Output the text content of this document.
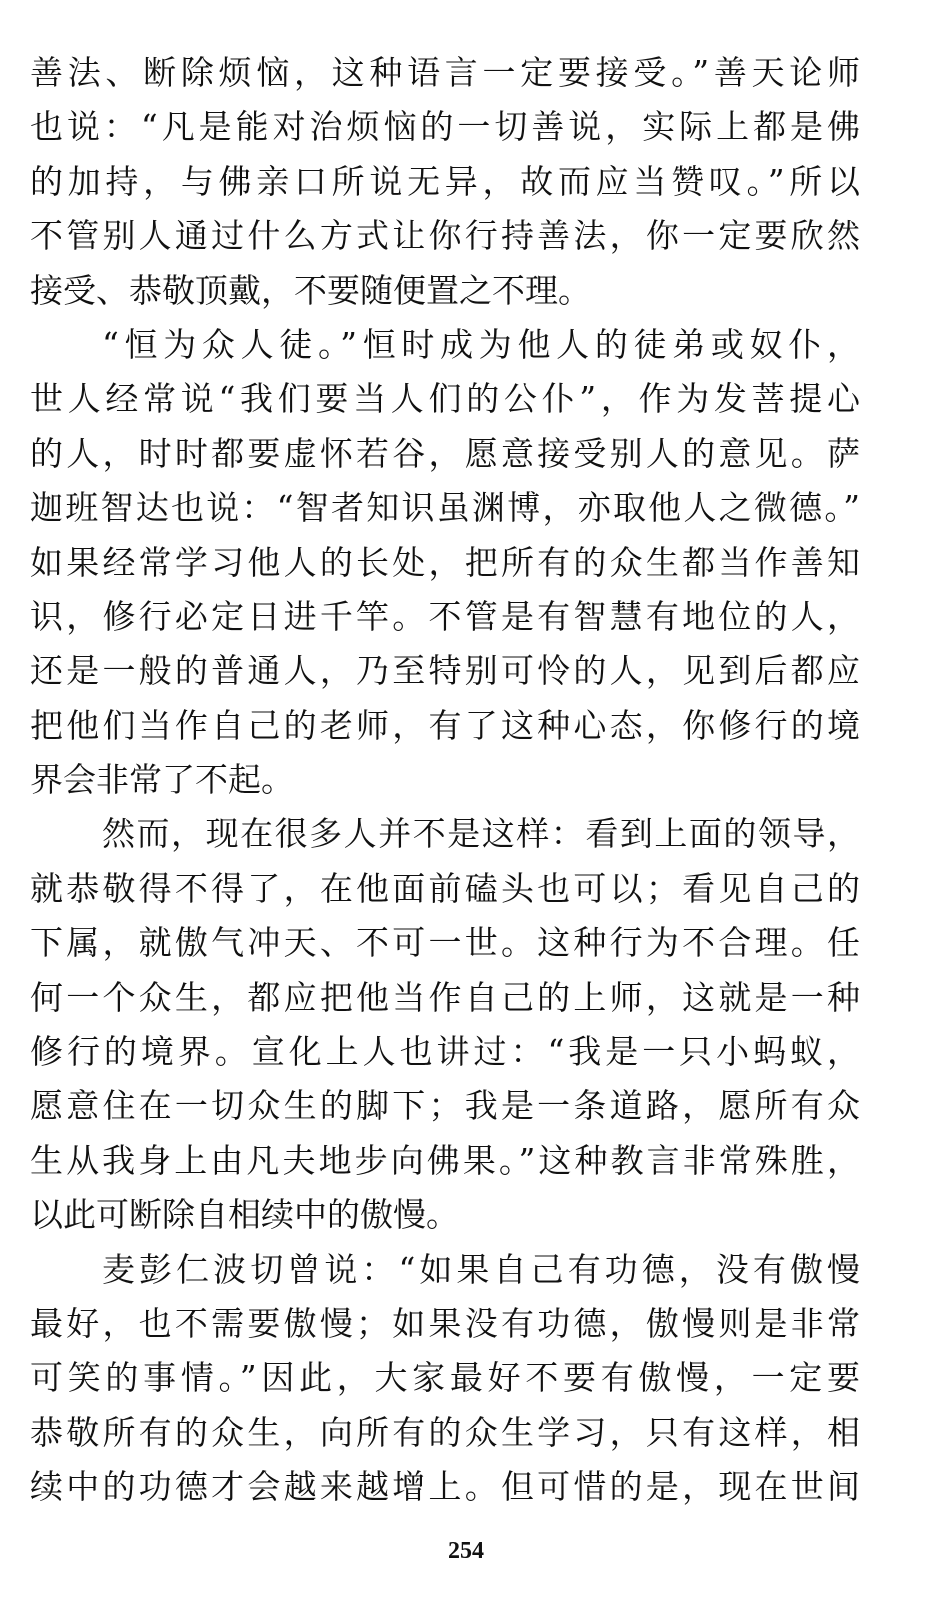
善法、断除烦恼，这种语言一定要接受。”善天论师
也说：“凡是能对治烦恼的一切善说，实际上都是佛
的加持，与佛亲口所说无异，故而应当赞叹。”所以
不管别人通过什么方式让你行持善法，你一定要欣然
接受、恭敬顶戴，不要随便置之不理。
“恒为众人徒。”恒时成为他人的徒弟或奴仆，
世人经常说“我们要当人们的公仆”，作为发菩提心
的人，时时都要虚怀若谷，愿意接受别人的意见。萨
迦班智达也说：“智者知识虽渊博，亦取他人之微德。”
如果经常学习他人的长处，把所有的众生都当作善知
识，修行必定日进千竿。不管是有智慧有地位的人，
还是一般的普通人，乃至特别可怜的人，见到后都应
把他们当作自己的老师，有了这种心态，你修行的境
界会非常了不起。
然而，现在很多人并不是这样：看到上面的领导，
就恭敬得不得了，在他面前磕头也可以；看见自己的
下属，就傲气冲天、不可一世。这种行为不合理。任
何一个众生，都应把他当作自己的上师，这就是一种
修行的境界。宣化上人也讲过：“我是一只小蚂蚁，
愿意住在一切众生的脚下；我是一条道路，愿所有众
生从我身上由凡夫地步向佛果。”这种教言非常殊胜，
以此可断除自相续中的傲慢。
麦彭仁波切曾说：“如果自己有功德，没有傲慢
最好，也不需要傲慢；如果没有功德，傲慢则是非常
可笑的事情。”因此，大家最好不要有傲慢，一定要
恭敬所有的众生，向所有的众生学习，只有这样，相
续中的功德才会越来越增上。但可惜的是，现在世间
254
